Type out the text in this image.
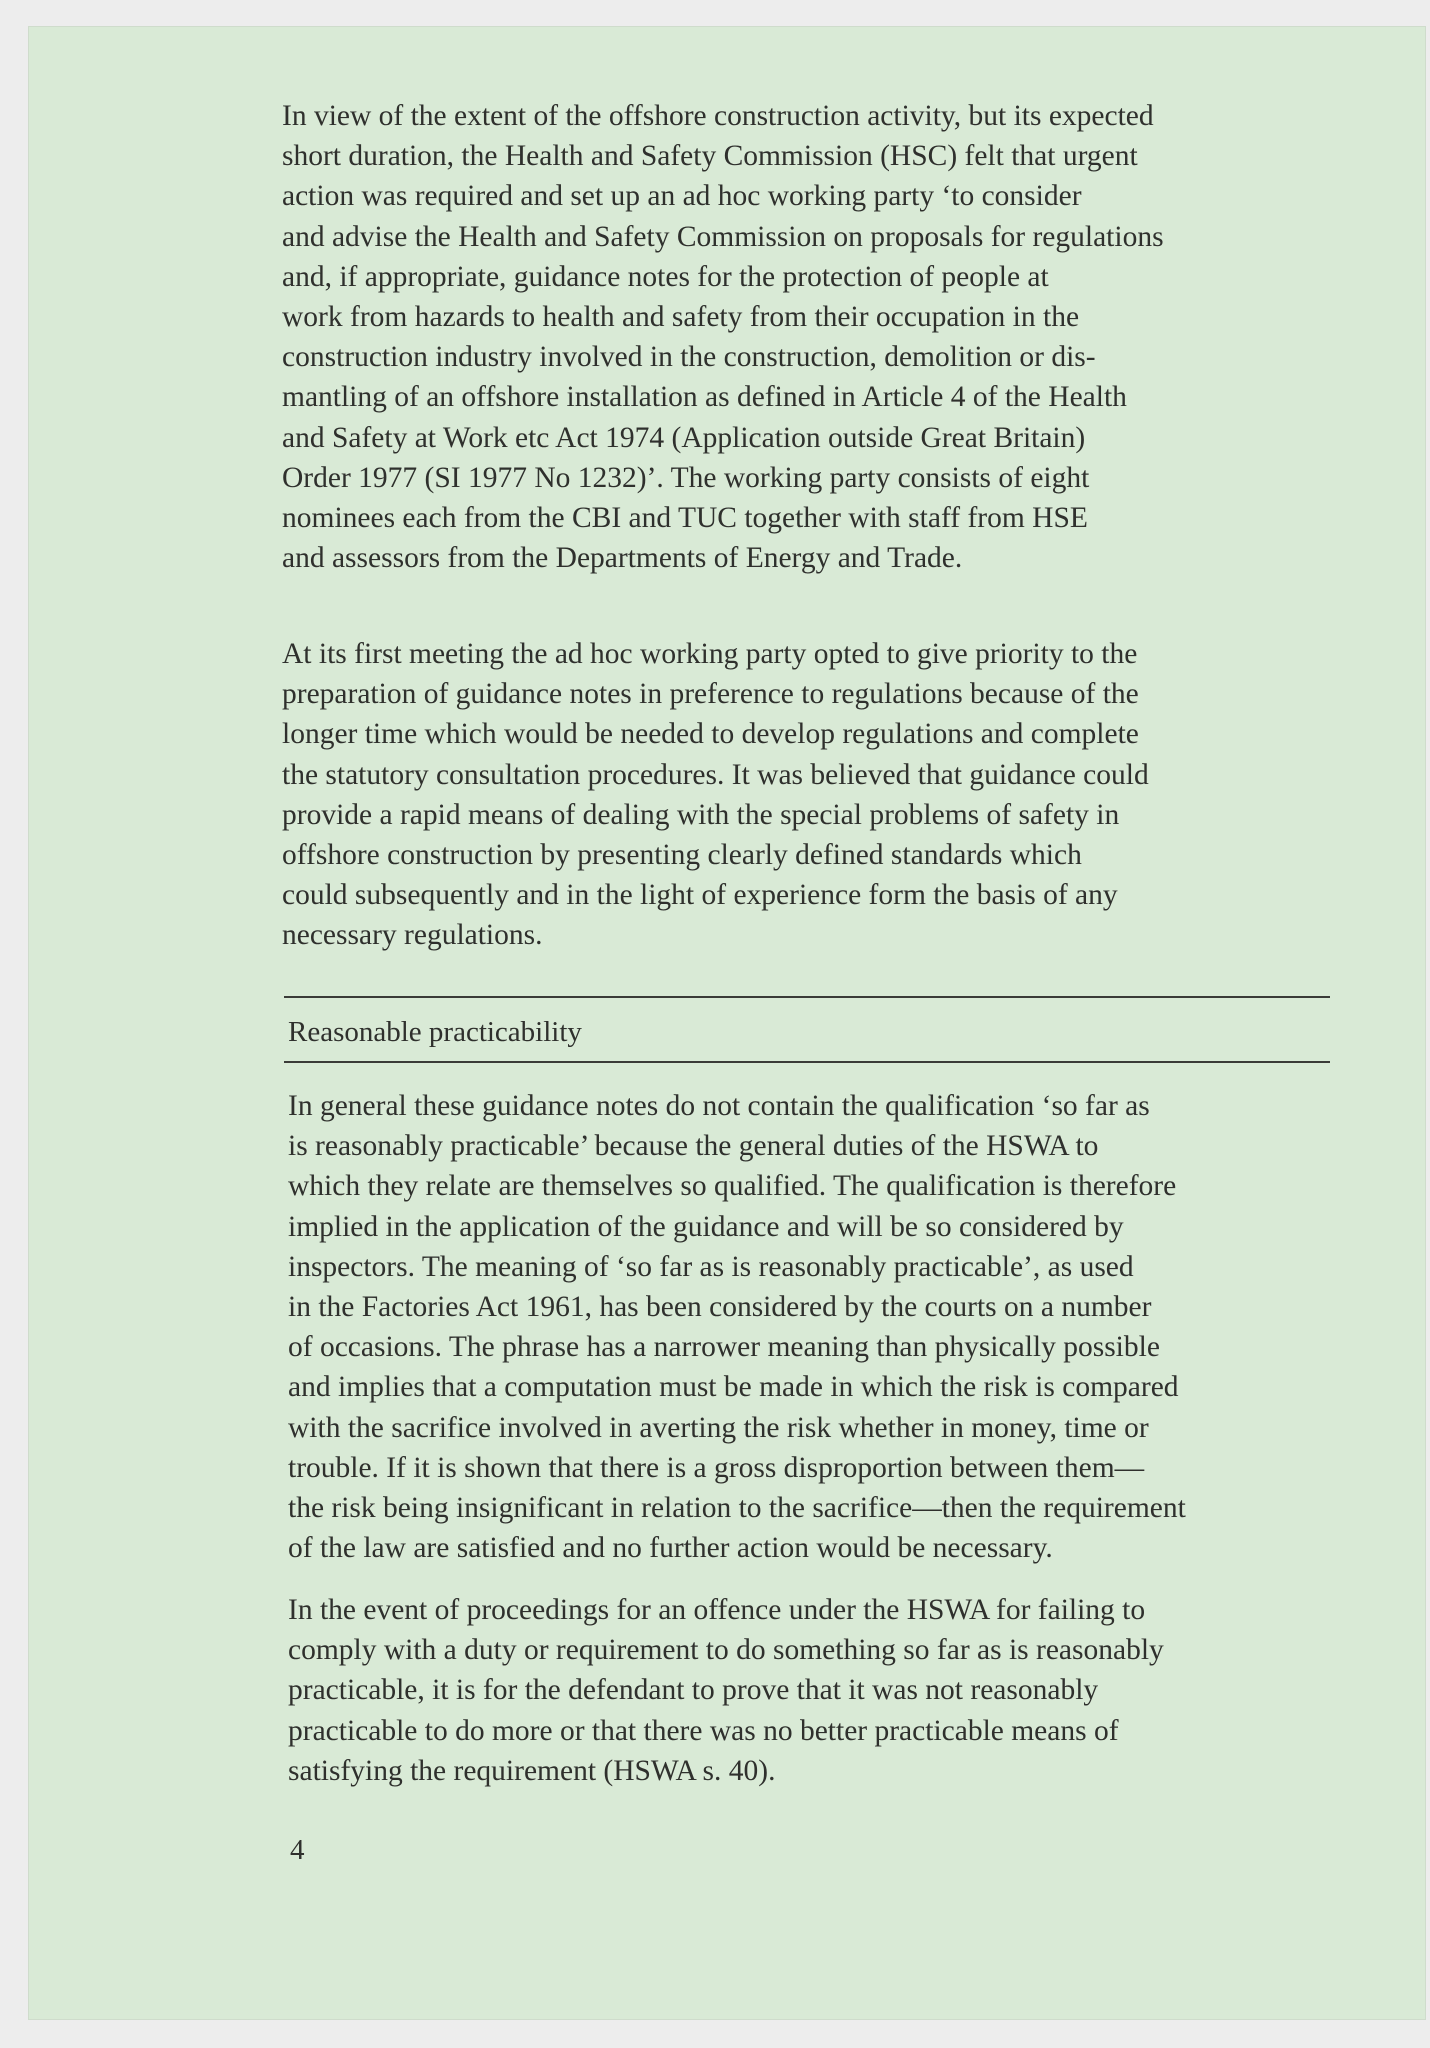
In view of the extent of the offshore construction activity, but its expected
short duration, the Health and Safety Commission (HSC) felt that urgent
action was required and set up an ad hoc working party ‘to consider
and advise the Health and Safety Commission on proposals for regulations
and, if appropriate, guidance notes for the protection of people at
work from hazards to health and safety from their occupation in the
construction industry involved in the construction, demolition or dis-
mantling of an offshore installation as defined in Article 4 of the Health
and Safety at Work etc Act 1974 (Application outside Great Britain)
Order 1977 (SI 1977 No 1232)’. The working party consists of eight
nominees each from the CBI and TUC together with staff from HSE
and assessors from the Departments of Energy and Trade.

At its first meeting the ad hoc working party opted to give priority to the
preparation of guidance notes in preference to regulations because of the
longer time which would be needed to develop regulations and complete
the statutory consultation procedures. It was believed that guidance could
provide a rapid means of dealing with the special problems of safety in
offshore construction by presenting clearly defined standards which
could subsequently and in the light of experience form the basis of any
necessary regulations.

Reasonable practicability

In general these guidance notes do not contain the qualification ‘so far as
is reasonably practicable’ because the general duties of the HSWA to
which they relate are themselves so qualified. The qualification is therefore
implied in the application of the guidance and will be so considered by
inspectors. The meaning of ‘so far as is reasonably practicable’, as used
in the Factories Act 1961, has been considered by the courts on a number
of occasions. The phrase has a narrower meaning than physically possible
and implies that a computation must be made in which the risk is compared
with the sacrifice involved in averting the risk whether in money, time or
trouble. If it is shown that there is a gross disproportion between them—
the risk being insignificant in relation to the sacrifice—then the requirement
of the law are satisfied and no further action would be necessary.

In the event of proceedings for an offence under the HSWA for failing to
comply with a duty or requirement to do something so far as is reasonably
practicable, it is for the defendant to prove that it was not reasonably
practicable to do more or that there was no better practicable means of
satisfying the requirement (HSWA s. 40).

4
